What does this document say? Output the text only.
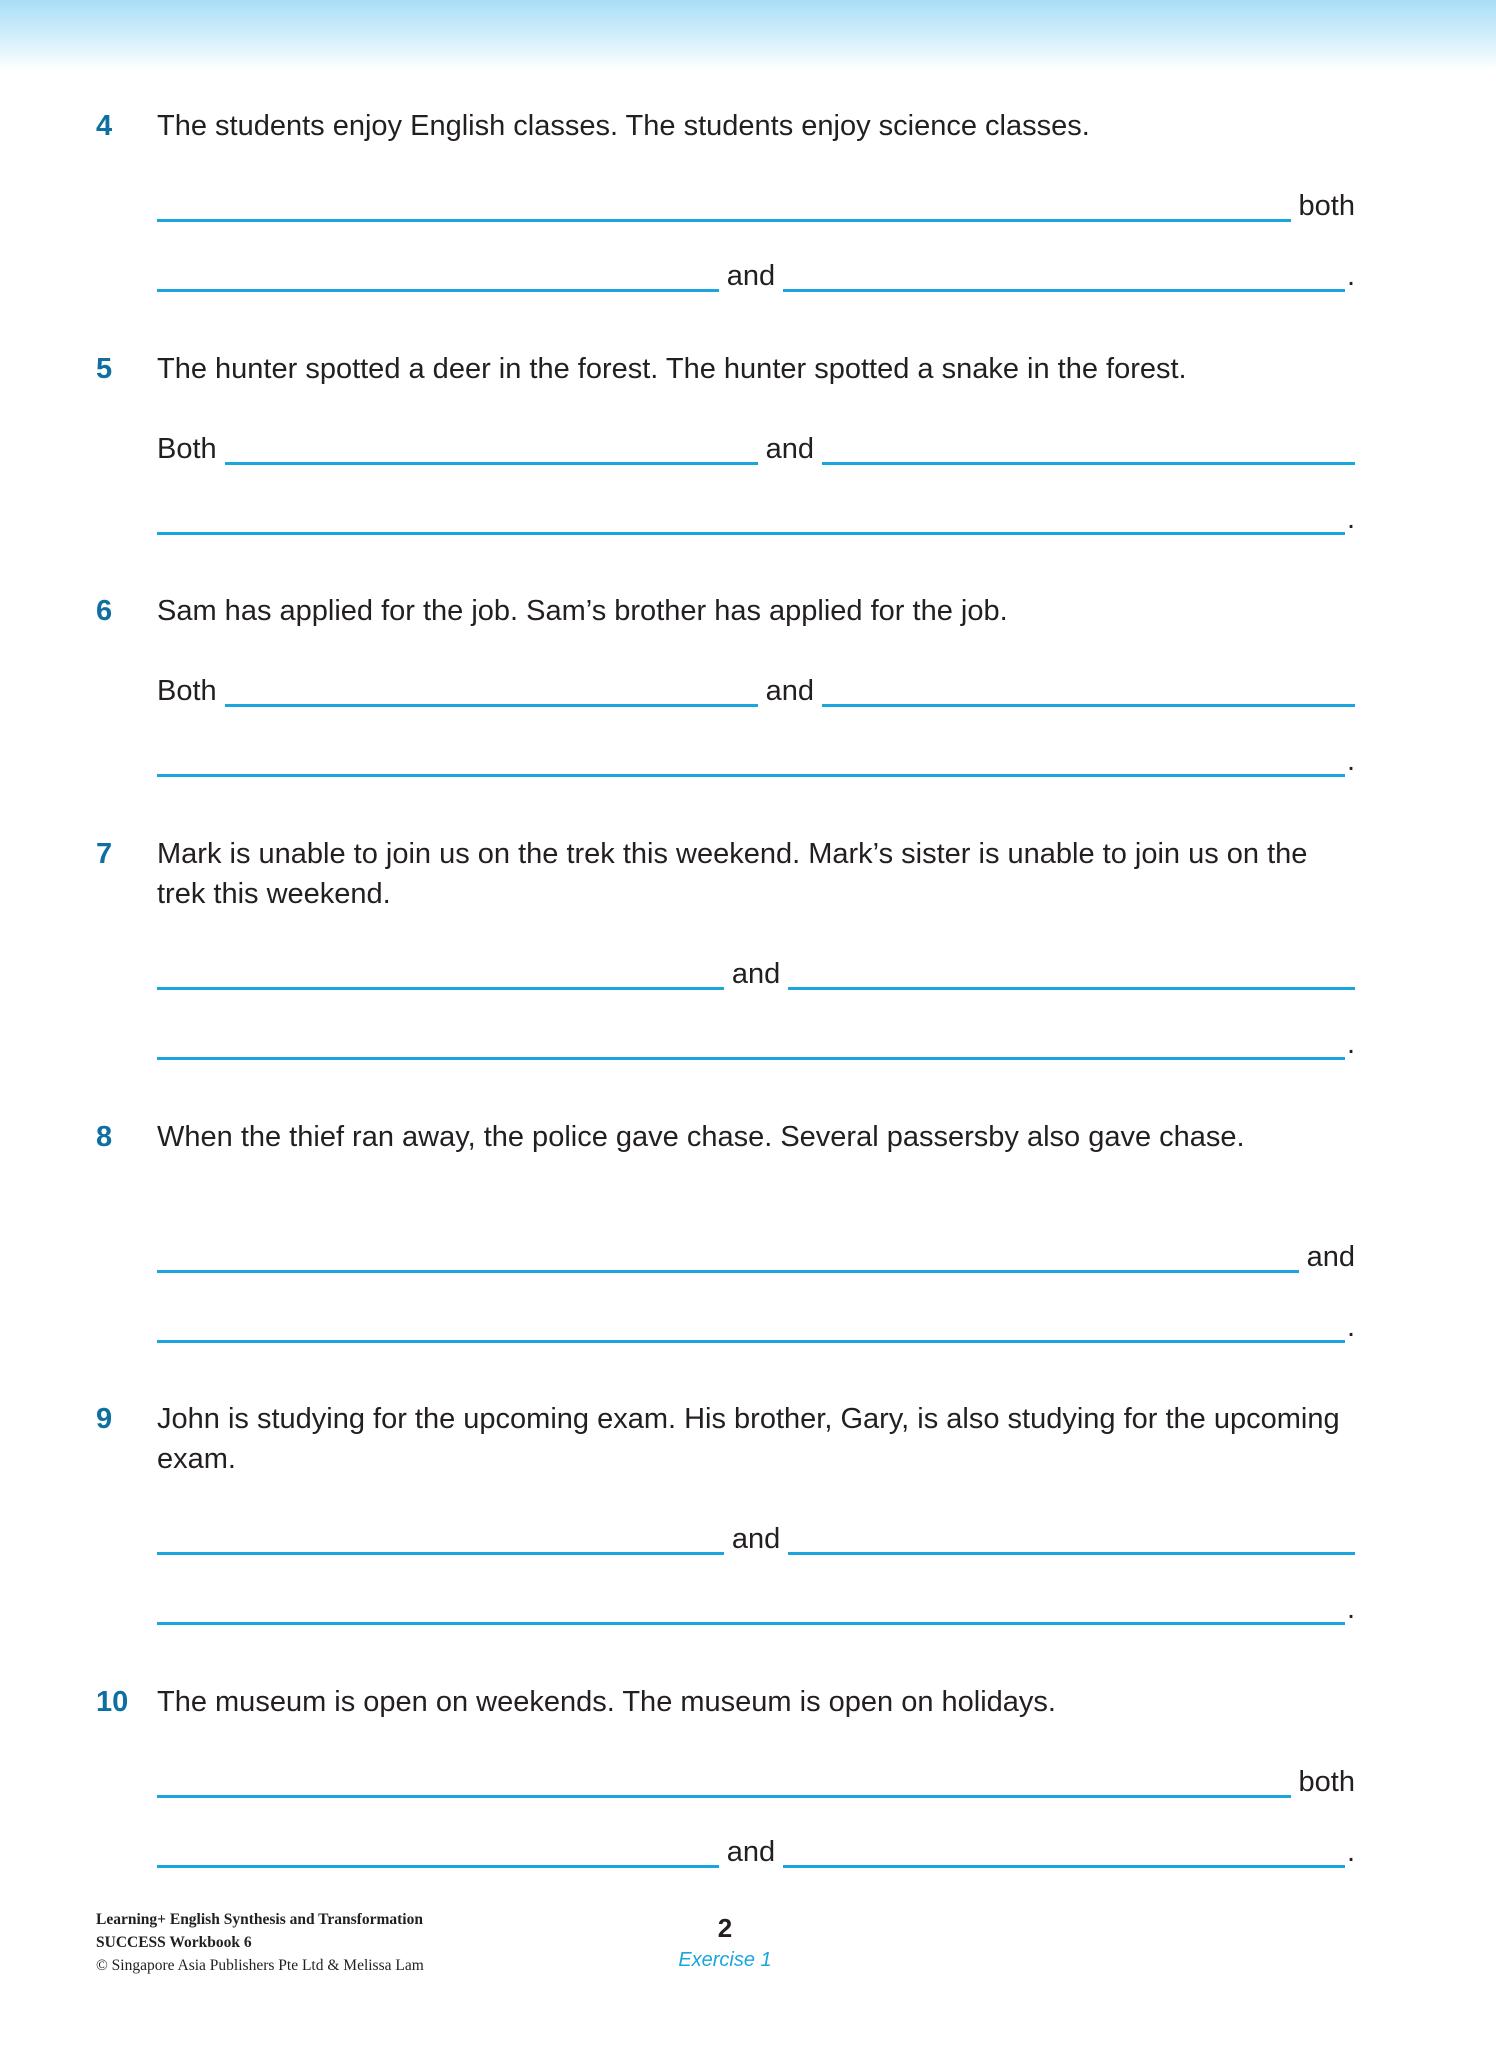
4 The students enjoy English classes. The students enjoy science classes.
both
and	.
5 The hunter spotted a deer in the forest. The hunter spotted a snake in the forest.
Both	and
.
6 Sam has applied for the job. Sam’s brother has applied for the job.
Both	and
.
7 Mark is unable to join us on the trek this weekend. Mark’s sister is unable to join us on the trek this weekend.
and
.
8 When the thief ran away, the police gave chase. Several passersby also gave chase.
and
.
9 John is studying for the upcoming exam. His brother, Gary, is also studying for the upcoming exam.
and
.
10 The museum is open on weekends. The museum is open on holidays.
both
and	.
Learning+ English Synthesis and Transformation
SUCCESS Workbook 6
© Singapore Asia Publishers Pte Ltd & Melissa Lam
2
Exercise 1
